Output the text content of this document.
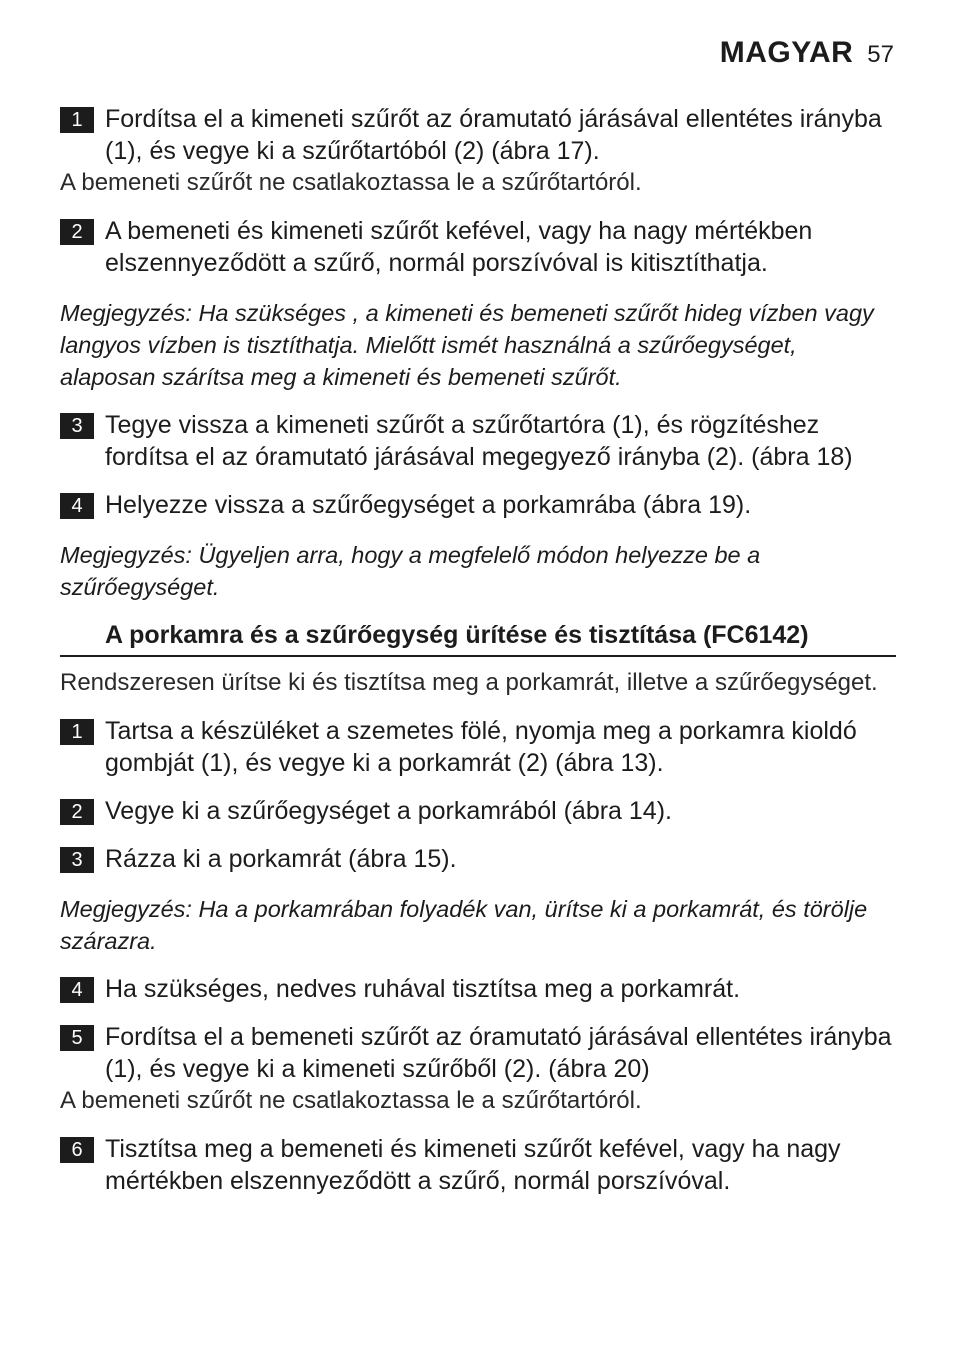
MAGYAR 57
1 Fordítsa el a kimeneti szűrőt az óramutató járásával ellentétes irányba (1), és vegye ki a szűrőtartóból (2) (ábra 17).
A bemeneti szűrőt ne csatlakoztassa le a szűrőtartóról.
2 A bemeneti és kimeneti szűrőt kefével, vagy ha nagy mértékben elszennyeződött a szűrő, normál porszívóval is kitisztíthatja.
Megjegyzés: Ha szükséges , a kimeneti és bemeneti szűrőt hideg vízben vagy langyos vízben is tisztíthatja. Mielőtt ismét használná a szűrőegységet, alaposan szárítsa meg a kimeneti és bemeneti szűrőt.
3 Tegye vissza a kimeneti szűrőt a szűrőtartóra (1), és rögzítéshez fordítsa el az óramutató járásával megegyező irányba (2). (ábra 18)
4 Helyezze vissza a szűrőegységet a porkamrába (ábra 19).
Megjegyzés: Ügyeljen arra, hogy a megfelelő módon helyezze be a szűrőegységet.
A porkamra és a szűrőegység ürítése és tisztítása (FC6142)
Rendszeresen ürítse ki és tisztítsa meg a porkamrát, illetve a szűrőegységet.
1 Tartsa a készüléket a szemetes fölé, nyomja meg a porkamra kioldó gombját (1), és vegye ki a porkamrát (2) (ábra 13).
2 Vegye ki a szűrőegységet a porkamrából (ábra 14).
3 Rázza ki a porkamrát (ábra 15).
Megjegyzés: Ha a porkamrában folyadék van, ürítse ki a porkamrát, és törölje szárazra.
4 Ha szükséges, nedves ruhával tisztítsa meg a porkamrát.
5 Fordítsa el a bemeneti szűrőt az óramutató járásával ellentétes irányba (1), és vegye ki a kimeneti szűrőből (2). (ábra 20)
A bemeneti szűrőt ne csatlakoztassa le a szűrőtartóról.
6 Tisztítsa meg a bemeneti és kimeneti szűrőt kefével, vagy ha nagy mértékben elszennyeződött a szűrő, normál porszívóval.
